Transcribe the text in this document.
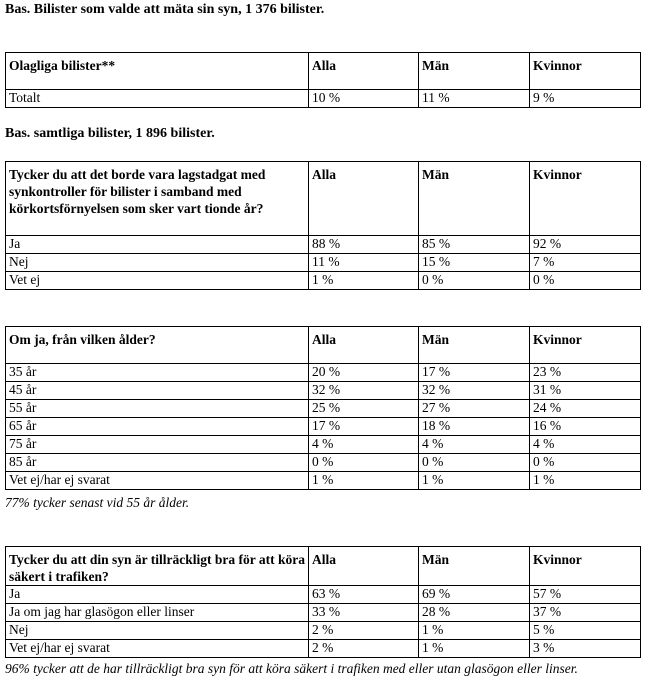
Bas. Bilister som valde att mäta sin syn, 1 376 bilister.
Olagliga bilister**	Alla	Män	Kvinnor
Totalt	10 %	11 %	9 %
Bas. samtliga bilister, 1 896 bilister.
Tycker du att det borde vara lagstadgat med synkontroller för bilister i samband med körkortsförnyelsen som sker vart tionde år?	Alla	Män	Kvinnor
Ja	88 %	85 %	92 %
Nej	11 %	15 %	7 %
Vet ej	1 %	0 %	0 %
Om ja, från vilken ålder?	Alla	Män	Kvinnor
35 år	20 %	17 %	23 %
45 år	32 %	32 %	31 %
55 år	25 %	27 %	24 %
65 år	17 %	18 %	16 %
75 år	4 %	4 %	4 %
85 år	0 %	0 %	0 %
Vet ej/har ej svarat	1 %	1 %	1 %
77% tycker senast vid 55 år ålder.
Tycker du att din syn är tillräckligt bra för att köra säkert i trafiken?	Alla	Män	Kvinnor
Ja	63 %	69 %	57 %
Ja om jag har glasögon eller linser	33 %	28 %	37 %
Nej	2 %	1 %	5 %
Vet ej/har ej svarat	2 %	1 %	3 %
96% tycker att de har tillräckligt bra syn för att köra säkert i trafiken med eller utan glasögon eller linser.
